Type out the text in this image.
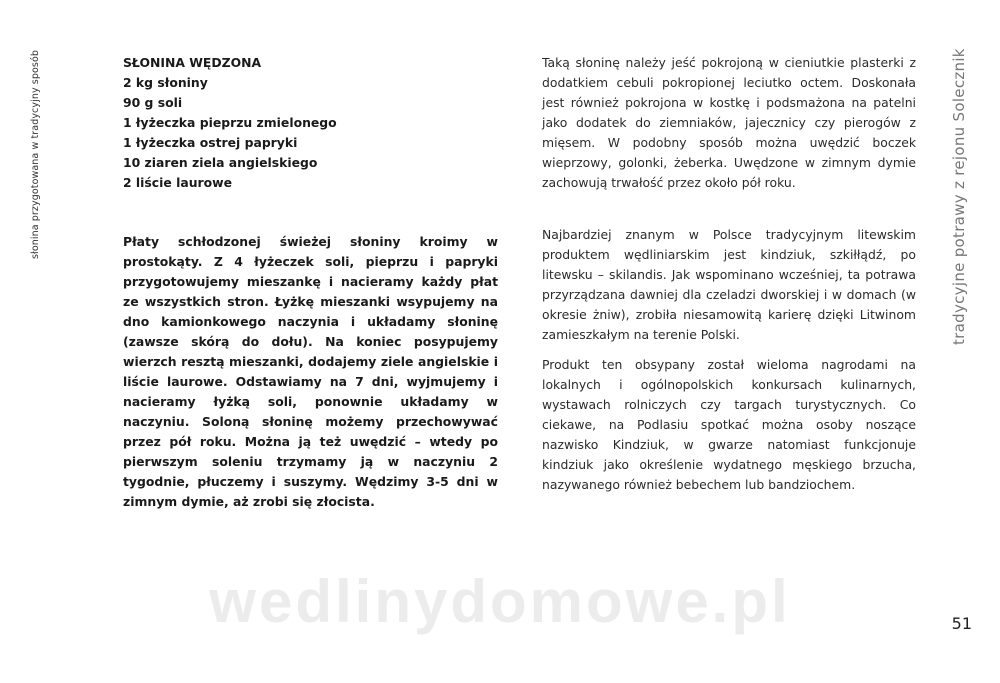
słonina przygotowana w tradycyjny sposób	tradycyjne potrawy z rejonu Solecznik
SŁONINA WĘDZONA
2 kg słoniny
90 g soli
1 łyżeczka pieprzu zmielonego
1 łyżeczka ostrej papryki
10 ziaren ziela angielskiego
2 liście laurowe

Płaty schłodzonej świeżej słoniny kroimy w prostokąty. Z 4 łyżeczek soli, pieprzu i papryki przygotowujemy mieszankę i nacieramy każdy płat ze wszystkich stron. Łyżkę mieszanki wsypujemy na dno kamionkowego naczynia i układamy słoninę (zawsze skórą do dołu). Na koniec posypujemy wierzch resztą mieszanki, dodajemy ziele angielskie i liście laurowe. Odstawiamy na 7 dni, wyjmujemy i nacieramy łyżką soli, ponownie układamy w naczyniu. Soloną słoninę możemy przechowywać przez pół roku. Można ją też uwędzić – wtedy po pierwszym soleniu trzymamy ją w naczyniu 2 tygodnie, płuczemy i suszymy. Wędzimy 3-5 dni w zimnym dymie, aż zrobi się złocista.

Taką słoninę należy jeść pokrojoną w cieniutkie plasterki z dodatkiem cebuli pokropionej leciutko octem. Doskonała jest również pokrojona w kostkę i podsmażona na patelni jako dodatek do ziemniaków, jajecznicy czy pierogów z mięsem. W podobny sposób można uwędzić boczek wieprzowy, golonki, żeberka. Uwędzone w zimnym dymie zachowują trwałość przez około pół roku.

Najbardziej znanym w Polsce tradycyjnym litewskim produktem wędliniarskim jest kindziuk, szkiłłądź, po litewsku – skilandis. Jak wspominano wcześniej, ta potrawa przyrządzana dawniej dla czeladzi dworskiej i w domach (w okresie żniw), zrobiła niesamowitą karierę dzięki Litwinom zamieszkałym na terenie Polski.

Produkt ten obsypany został wieloma nagrodami na lokalnych i ogólnopolskich konkursach kulinarnych, wystawach rolniczych czy targach turystycznych. Co ciekawe, na Podlasiu spotkać można osoby noszące nazwisko Kindziuk, w gwarze natomiast funkcjonuje kindziuk jako określenie wydatnego męskiego brzucha, nazywanego również bebechem lub bandziochem.

wedlinydomowe.pl	51
